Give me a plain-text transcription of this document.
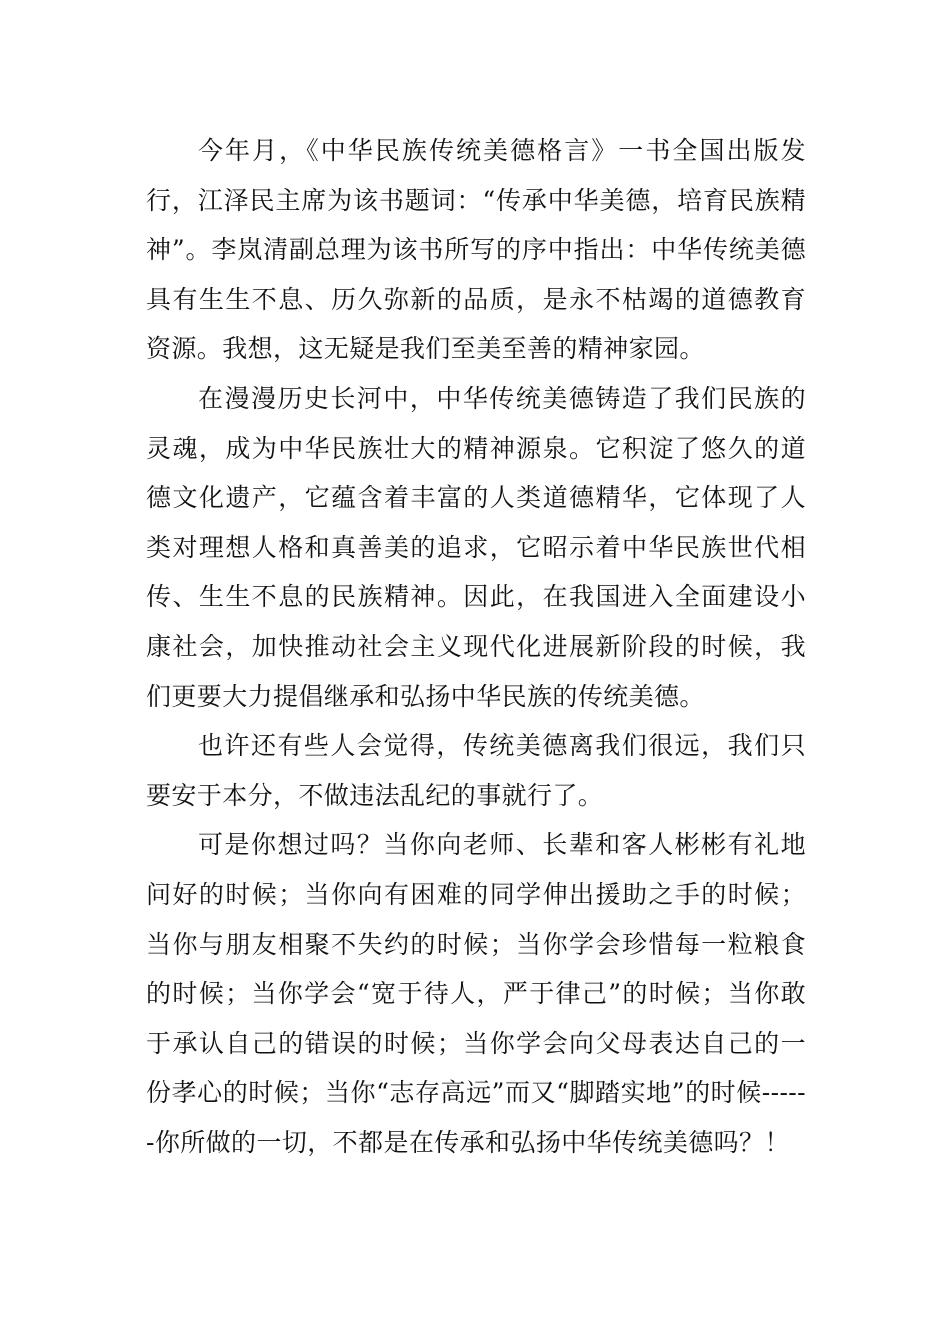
今年月，《中华民族传统美德格言》一书全国出版发行，江泽民主席为该书题词：“传承中华美德，培育民族精神”。李岚清副总理为该书所写的序中指出：中华传统美德具有生生不息、历久弥新的品质，是永不枯竭的道德教育资源。我想，这无疑是我们至美至善的精神家园。

在漫漫历史长河中，中华传统美德铸造了我们民族的灵魂，成为中华民族壮大的精神源泉。它积淀了悠久的道德文化遗产，它蕴含着丰富的人类道德精华，它体现了人类对理想人格和真善美的追求，它昭示着中华民族世代相传、生生不息的民族精神。因此，在我国进入全面建设小康社会，加快推动社会主义现代化进展新阶段的时候，我们更要大力提倡继承和弘扬中华民族的传统美德。

也许还有些人会觉得，传统美德离我们很远，我们只要安于本分，不做违法乱纪的事就行了。

可是你想过吗？当你向老师、长辈和客人彬彬有礼地问好的时候；当你向有困难的同学伸出援助之手的时候；当你与朋友相聚不失约的时候；当你学会珍惜每一粒粮食的时候；当你学会“宽于待人，严于律己”的时候；当你敢于承认自己的错误的时候；当你学会向父母表达自己的一份孝心的时候；当你“志存高远”而又“脚踏实地”的时候------你所做的一切，不都是在传承和弘扬中华传统美德吗？！
